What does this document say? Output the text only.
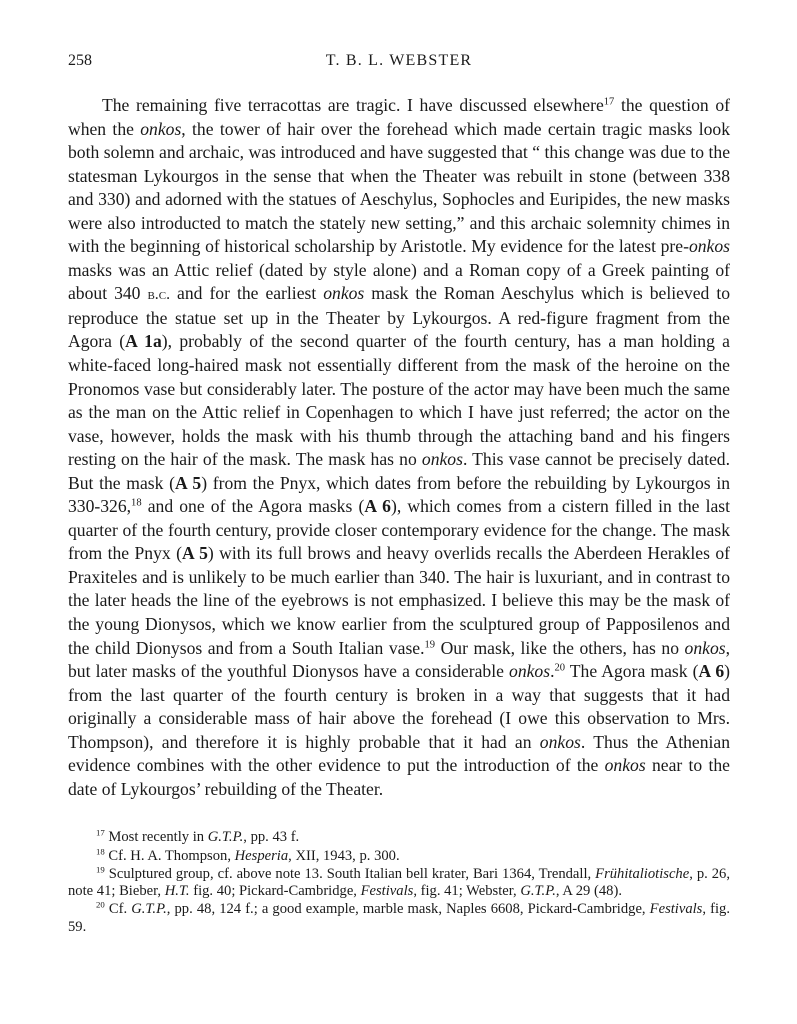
258	T. B. L. WEBSTER

The remaining five terracottas are tragic. I have discussed elsewhere$^{17}$ the question of when the onkos, the tower of hair over the forehead which made certain tragic masks look both solemn and archaic, was introduced and have suggested that “ this change was due to the statesman Lykourgos in the sense that when the Theater was rebuilt in stone (between 338 and 330) and adorned with the statues of Aeschylus, Sophocles and Euripides, the new masks were also introducted to match the stately new setting,” and this archaic solemnity chimes in with the beginning of historical scholarship by Aristotle. My evidence for the latest pre-onkos masks was an Attic relief (dated by style alone) and a Roman copy of a Greek painting of about 340 b.c. and for the earliest onkos mask the Roman Aeschylus which is believed to reproduce the statue set up in the Theater by Lykourgos. A red-figure fragment from the Agora (A 1a), probably of the second quarter of the fourth century, has a man holding a white-faced long-haired mask not essentially different from the mask of the heroine on the Pronomos vase but considerably later. The posture of the actor may have been much the same as the man on the Attic relief in Copenhagen to which I have just referred; the actor on the vase, however, holds the mask with his thumb through the attaching band and his fingers resting on the hair of the mask. The mask has no onkos. This vase cannot be precisely dated. But the mask (A 5) from the Pnyx, which dates from before the rebuilding by Lykourgos in 330-326,18 and one of the Agora masks (A 6), which comes from a cistern filled in the last quarter of the fourth century, provide closer contemporary evidence for the change. The mask from the Pnyx (A 5) with its full brows and heavy overlids recalls the Aberdeen Herakles of Praxiteles and is unlikely to be much earlier than 340. The hair is luxuriant, and in contrast to the later heads the line of the eyebrows is not emphasized. I believe this may be the mask of the young Dionysos, which we know earlier from the sculptured group of Papposilenos and the child Dionysos and from a South Italian vase.$^{19}$ Our mask, like the others, has no onkos, but later masks of the youthful Dionysos have a considerable onkos.$^{20}$ The Agora mask (A 6) from the last quarter of the fourth century is broken in a way that suggests that it had originally a considerable mass of hair above the forehead (I owe this observation to Mrs. Thompson), and therefore it is highly probable that it had an onkos. Thus the Athenian evidence combines with the other evidence to put the introduction of the onkos near to the date of Lykourgos’ rebuilding of the Theater.

$^{17}$ Most recently in G.T.P., pp. 43 f.

$^{18}$ Cf. H. A. Thompson, Hesperia, XII, 1943, p. 300.

$^{19}$ Sculptured group, cf. above note 13. South Italian bell krater, Bari 1364, Trendall, Frühitaliotische, p. 26, note 41; Bieber, H.T. fig. 40; Pickard-Cambridge, Festivals, fig. 41; Webster, G.T.P., A 29 (48).

$^{20}$ Cf. G.T.P., pp. 48, 124 f.; a good example, marble mask, Naples 6608, Pickard-Cambridge, Festivals, fig. 59.
